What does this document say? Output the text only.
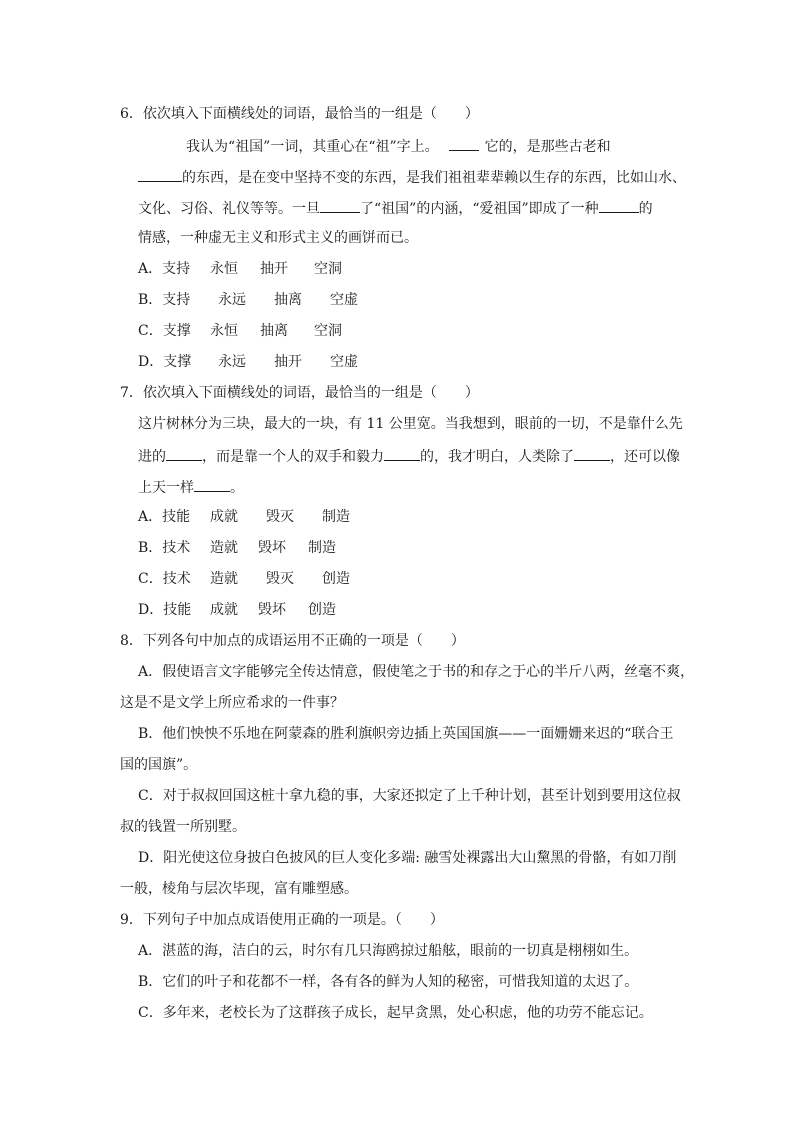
6．依次填入下面横线处的词语，最恰当的一组是（　　）
我认为“祖国”一词，其重心在“祖”字上。	它的，是那些古老和
的东西，是在变中坚持不变的东西，是我们祖祖辈辈赖以生存的东西，比如山水、
文化、习俗、礼仪等等。一旦	了“祖国”的内涵，“爱祖国”即成了一种	的
情感，一种虚无主义和形式主义的画饼而已。
A．支持 永恒 抽开 空洞
B．支持 永远 抽离 空虚
C．支撑 永恒 抽离 空洞
D．支撑 永远 抽开 空虚
7．依次填入下面横线处的词语，最恰当的一组是（　　）
这片树林分为三块，最大的一块，有 11 公里宽。当我想到，眼前的一切，不是靠什么先
进的	，而是靠一个人的双手和毅力	的，我才明白，人类除了	，还可以像
上天一样	。
A．技能 成就 毁灭 制造
B．技术 造就 毁坏 制造
C．技术 造就 毁灭 创造
D．技能 成就 毁坏 创造
8．下列各句中加点的成语运用不正确的一项是（　　）
A．假使语言文字能够完全传达情意，假使笔之于书的和存之于心的半斤八两，丝毫不爽，
这是不是文学上所应希求的一件事？
B．他们怏怏不乐地在阿蒙森的胜利旗帜旁边插上英国国旗——一面姗姗来迟的“联合王
国的国旗”。
C．对于叔叔回国这桩十拿九稳的事，大家还拟定了上千种计划，甚至计划到要用这位叔
叔的钱置一所别墅。
D．阳光使这位身披白色披风的巨人变化多端: 融雪处裸露出大山黧黑的骨骼，有如刀削
一般，棱角与层次毕现，富有雕塑感。
9．下列句子中加点成语使用正确的一项是。（　　）
A．湛蓝的海，洁白的云，时尔有几只海鸥掠过船舷，眼前的一切真是栩栩如生。
B．它们的叶子和花都不一样，各有各的鲜为人知的秘密，可惜我知道的太迟了。
C．多年来，老校长为了这群孩子成长，起早贪黑，处心积虑，他的功劳不能忘记。
